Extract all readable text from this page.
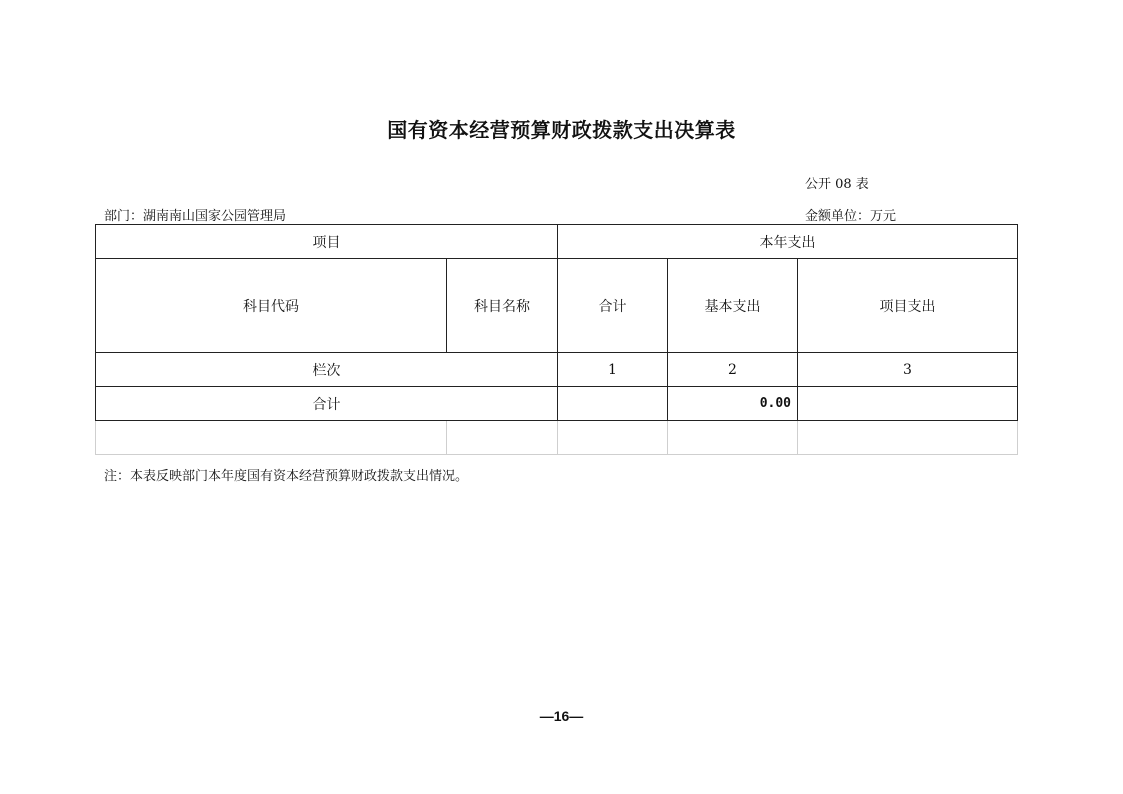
国有资本经营预算财政拨款支出决算表
公开 08 表
部门：湖南南山国家公园管理局	金额单位：万元
项目		本年支出		
科目代码	科目名称	合计	基本支出	项目支出
栏次		1	2	3
合计			0.00	

注：本表反映部门本年度国有资本经营预算财政拨款支出情况。
—16—
